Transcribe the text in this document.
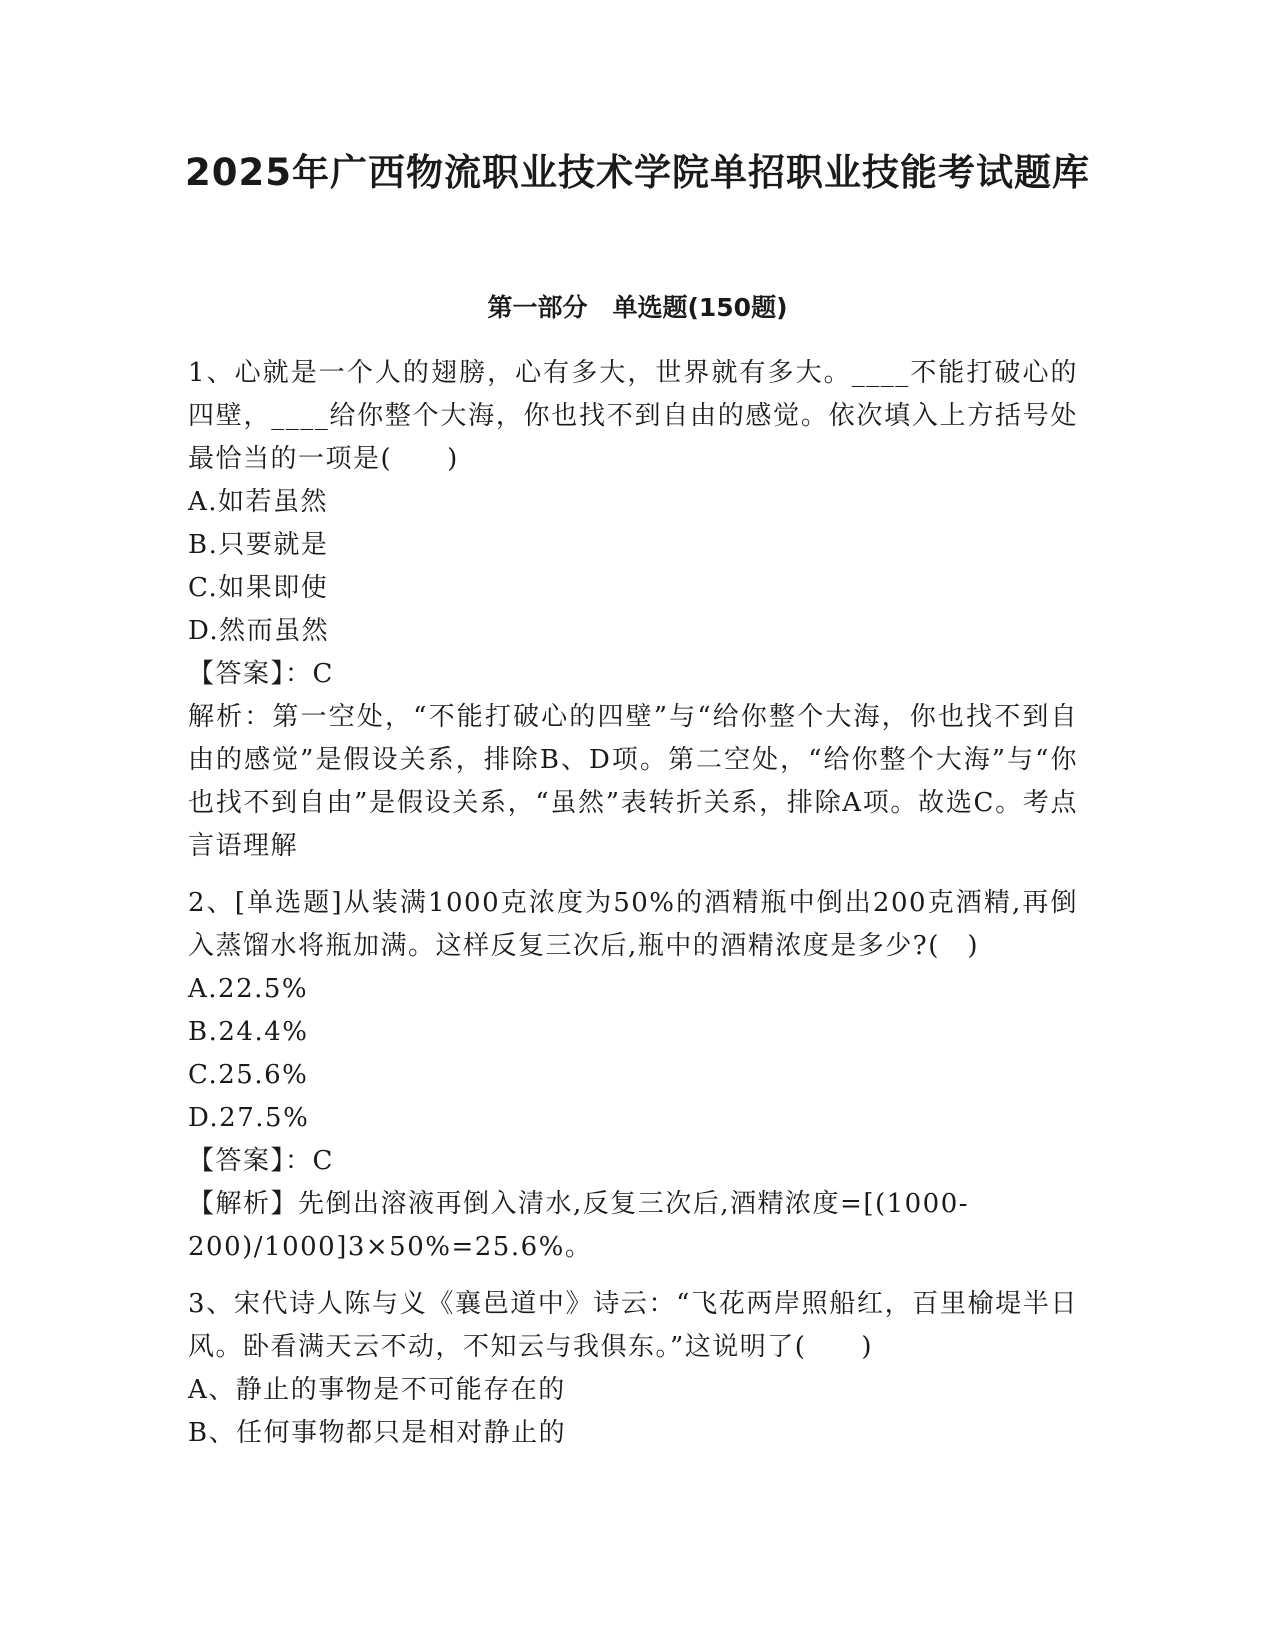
2025年广西物流职业技术学院单招职业技能考试题库
第一部分　单选题(150题)

1、心就是一个人的翅膀，心有多大，世界就有多大。____不能打破心的四壁，____给你整个大海，你也找不到自由的感觉。依次填入上方括号处最恰当的一项是(　　)

A.如若虽然

B.只要就是

C.如果即使

D.然而虽然

【答案】：C

解析：第一空处，“不能打破心的四壁”与“给你整个大海，你也找不到自由的感觉”是假设关系，排除B、D项。第二空处，“给你整个大海”与“你也找不到自由”是假设关系，“虽然”表转折关系，排除A项。故选C。考点言语理解

2、[单选题]从装满1000克浓度为50%的酒精瓶中倒出200克酒精,再倒入蒸馏水将瓶加满。这样反复三次后,瓶中的酒精浓度是多少?(　)

A.22.5%

B.24.4%

C.25.6%

D.27.5%

【答案】：C

【解析】先倒出溶液再倒入清水,反复三次后,酒精浓度=[(1000-200)/1000]3×50%=25.6%。

3、宋代诗人陈与义《襄邑道中》诗云：“飞花两岸照船红，百里榆堤半日风。卧看满天云不动，不知云与我俱东。”这说明了(　　)

A、静止的事物是不可能存在的

B、任何事物都只是相对静止的
